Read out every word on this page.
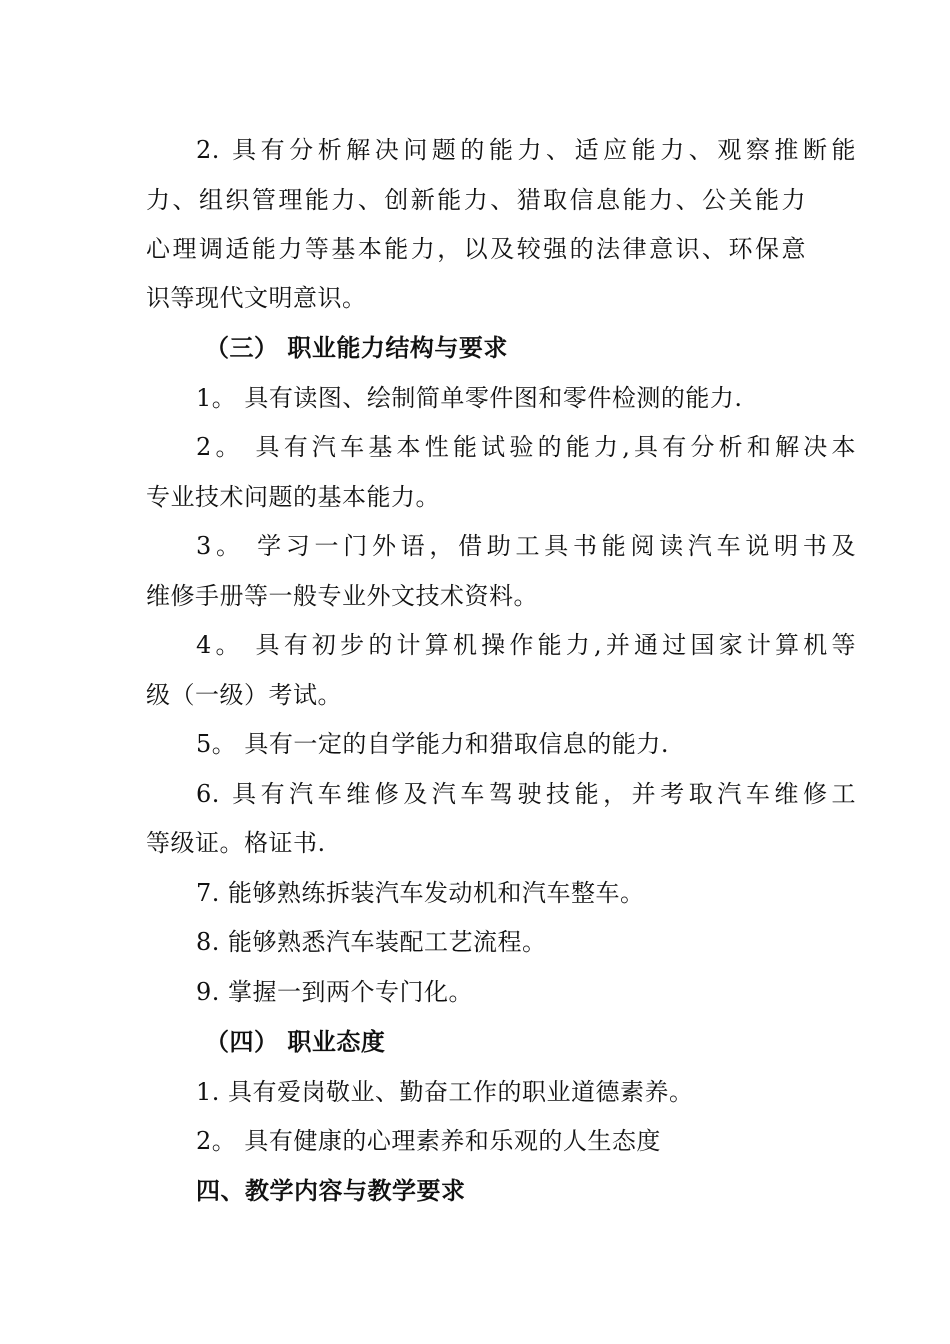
2. 具有分析解决问题的能力、适应能力、观察推断能
力、组织管理能力、创新能力、猎取信息能力、公关能力
心理调适能力等基本能力，以及较强的法律意识、环保意
识等现代文明意识。
（三） 职业能力结构与要求
1。 具有读图、绘制简单零件图和零件检测的能力.
2。 具有汽车基本性能试验的能力,具有分析和解决本
专业技术问题的基本能力。
3。 学习一门外语，借助工具书能阅读汽车说明书及
维修手册等一般专业外文技术资料。
4。 具有初步的计算机操作能力,并通过国家计算机等
级（一级）考试。
5。 具有一定的自学能力和猎取信息的能力.
6. 具有汽车维修及汽车驾驶技能，并考取汽车维修工
等级证。格证书.
7. 能够熟练拆装汽车发动机和汽车整车。
8. 能够熟悉汽车装配工艺流程。
9. 掌握一到两个专门化。
（四） 职业态度
1. 具有爱岗敬业、勤奋工作的职业道德素养。
2。 具有健康的心理素养和乐观的人生态度
四、教学内容与教学要求
